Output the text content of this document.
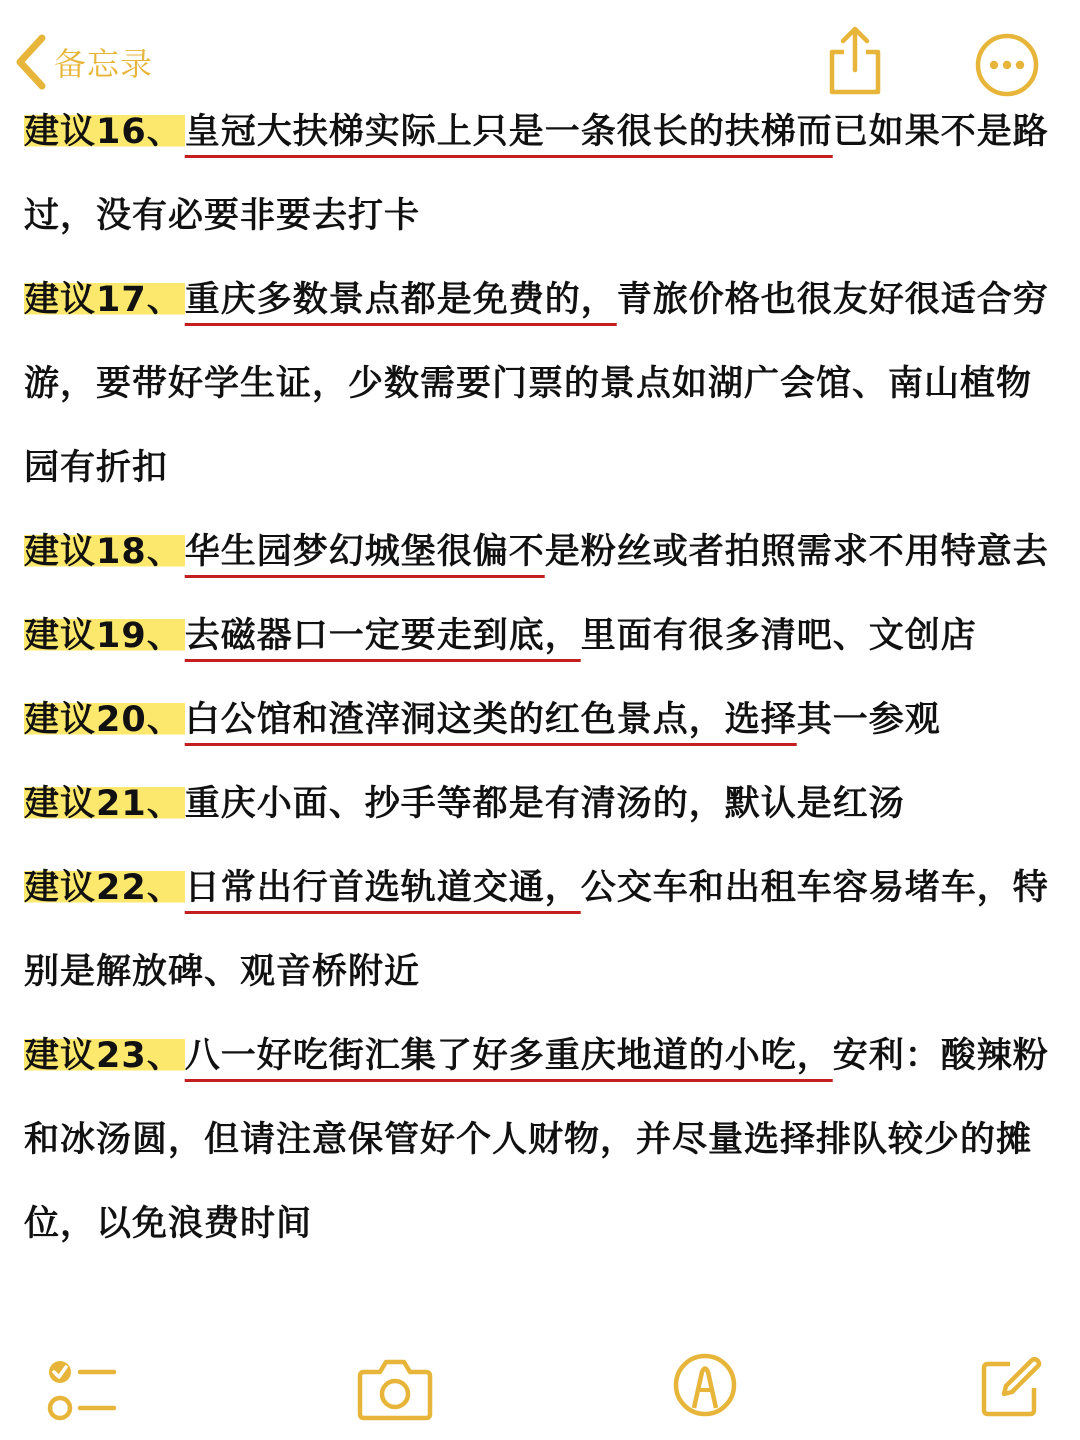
备忘录

建议16、皇冠大扶梯实际上只是一条很长的扶梯而已如果不是路过，没有必要非要去打卡

建议17、重庆多数景点都是免费的，青旅价格也很友好很适合穷游，要带好学生证，少数需要门票的景点如湖广会馆、南山植物园有折扣

建议18、华生园梦幻城堡很偏不是粉丝或者拍照需求不用特意去

建议19、去磁器口一定要走到底，里面有很多清吧、文创店

建议20、白公馆和渣滓洞这类的红色景点，选择其一参观

建议21、重庆小面、抄手等都是有清汤的，默认是红汤

建议22、日常出行首选轨道交通，公交车和出租车容易堵车，特别是解放碑、观音桥附近

建议23、八一好吃街汇集了好多重庆地道的小吃，安利：酸辣粉和冰汤圆，但请注意保管好个人财物，并尽量选择排队较少的摊位，以免浪费时间
